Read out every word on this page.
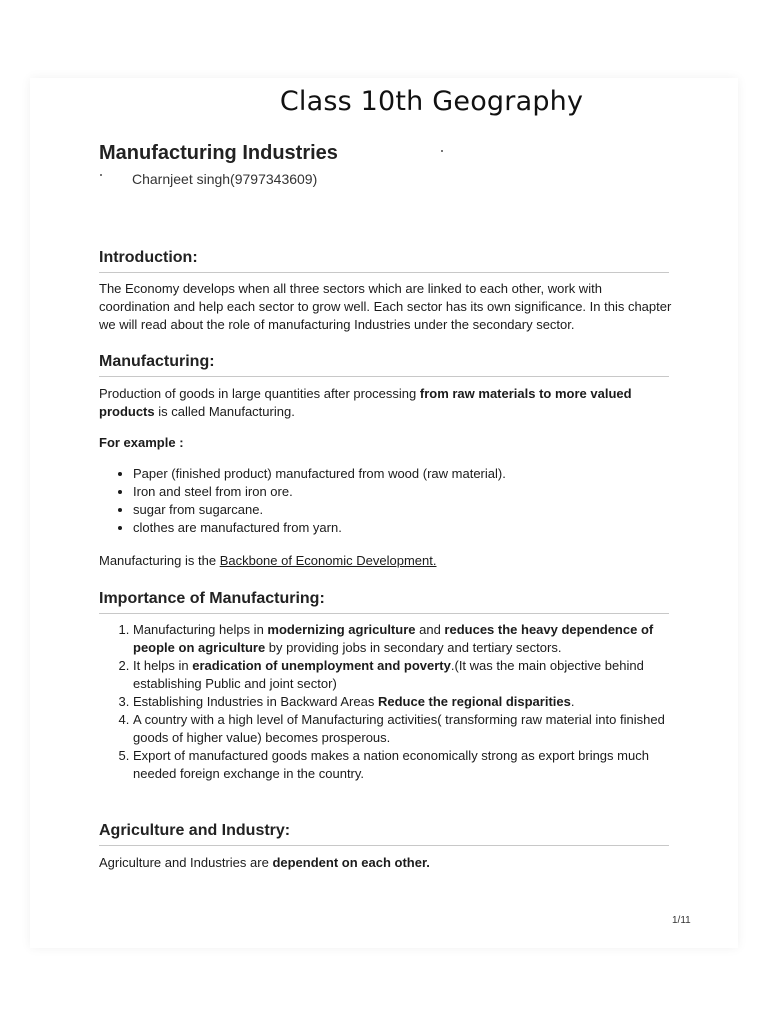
Class 10th Geography
Manufacturing Industries
Charnjeet singh(9797343609)
Introduction:
The Economy develops when all three sectors which are linked to each other, work with coordination and help each sector to grow well. Each sector has its own significance. In this chapter we will read about the role of manufacturing Industries under the secondary sector.
Manufacturing:
Production of goods in large quantities after processing from raw materials to more valued products is called Manufacturing.
For example :
• Paper (finished product) manufactured from wood (raw material).
• Iron and steel from iron ore.
• sugar from sugarcane.
• clothes are manufactured from yarn.
Manufacturing is the Backbone of Economic Development.
Importance of Manufacturing:
1. Manufacturing helps in modernizing agriculture and reduces the heavy dependence of people on agriculture by providing jobs in secondary and tertiary sectors.
2. It helps in eradication of unemployment and poverty.(It was the main objective behind establishing Public and joint sector)
3. Establishing Industries in Backward Areas Reduce the regional disparities.
4. A country with a high level of Manufacturing activities( transforming raw material into finished goods of higher value) becomes prosperous.
5. Export of manufactured goods makes a nation economically strong as export brings much needed foreign exchange in the country.
Agriculture and Industry:
Agriculture and Industries are dependent on each other.
1/11
